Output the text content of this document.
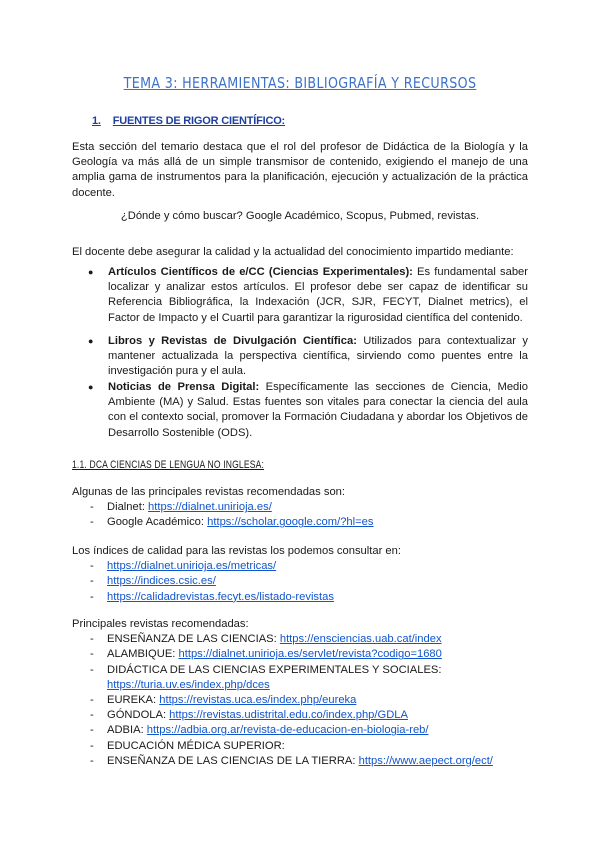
TEMA 3: HERRAMIENTAS: BIBLIOGRAFÍA Y RECURSOS
1. FUENTES DE RIGOR CIENTÍFICO:

Esta sección del temario destaca que el rol del profesor de Didáctica de la Biología y la Geología va más allá de un simple transmisor de contenido, exigiendo el manejo de una amplia gama de instrumentos para la planificación, ejecución y actualización de la práctica docente.

¿Dónde y cómo buscar? Google Académico, Scopus, Pubmed, revistas.

El docente debe asegurar la calidad y la actualidad del conocimiento impartido mediante:

● Artículos Científicos de e/CC (Ciencias Experimentales): Es fundamental saber localizar y analizar estos artículos. El profesor debe ser capaz de identificar su Referencia Bibliográfica, la Indexación (JCR, SJR, FECYT, Dialnet metrics), el Factor de Impacto y el Cuartil para garantizar la rigurosidad científica del contenido.
● Libros y Revistas de Divulgación Científica: Utilizados para contextualizar y mantener actualizada la perspectiva científica, sirviendo como puentes entre la investigación pura y el aula.
● Noticias de Prensa Digital: Específicamente las secciones de Ciencia, Medio Ambiente (MA) y Salud. Estas fuentes son vitales para conectar la ciencia del aula con el contexto social, promover la Formación Ciudadana y abordar los Objetivos de Desarrollo Sostenible (ODS).
1.1. DCA CIENCIAS DE LENGUA NO INGLESA:

Algunas de las principales revistas recomendadas son:

- Dialnet: https://dialnet.unirioja.es/
- Google Académico: https://scholar.google.com/?hl=es

Los índices de calidad para las revistas los podemos consultar en:

- https://dialnet.unirioja.es/metricas/
- https://indices.csic.es/
- https://calidadrevistas.fecyt.es/listado-revistas

Principales revistas recomendadas:

- ENSEÑANZA DE LAS CIENCIAS: https://ensciencias.uab.cat/index
- ALAMBIQUE: https://dialnet.unirioja.es/servlet/revista?codigo=1680
- DIDÁCTICA DE LAS CIENCIAS EXPERIMENTALES Y SOCIALES: https://turia.uv.es/index.php/dces
- EUREKA: https://revistas.uca.es/index.php/eureka
- GÓNDOLA: https://revistas.udistrital.edu.co/index.php/GDLA
- ADBIA: https://adbia.org.ar/revista-de-educacion-en-biologia-reb/
- EDUCACIÓN MÉDICA SUPERIOR:
- ENSEÑANZA DE LAS CIENCIAS DE LA TIERRA: https://www.aepect.org/ect/
